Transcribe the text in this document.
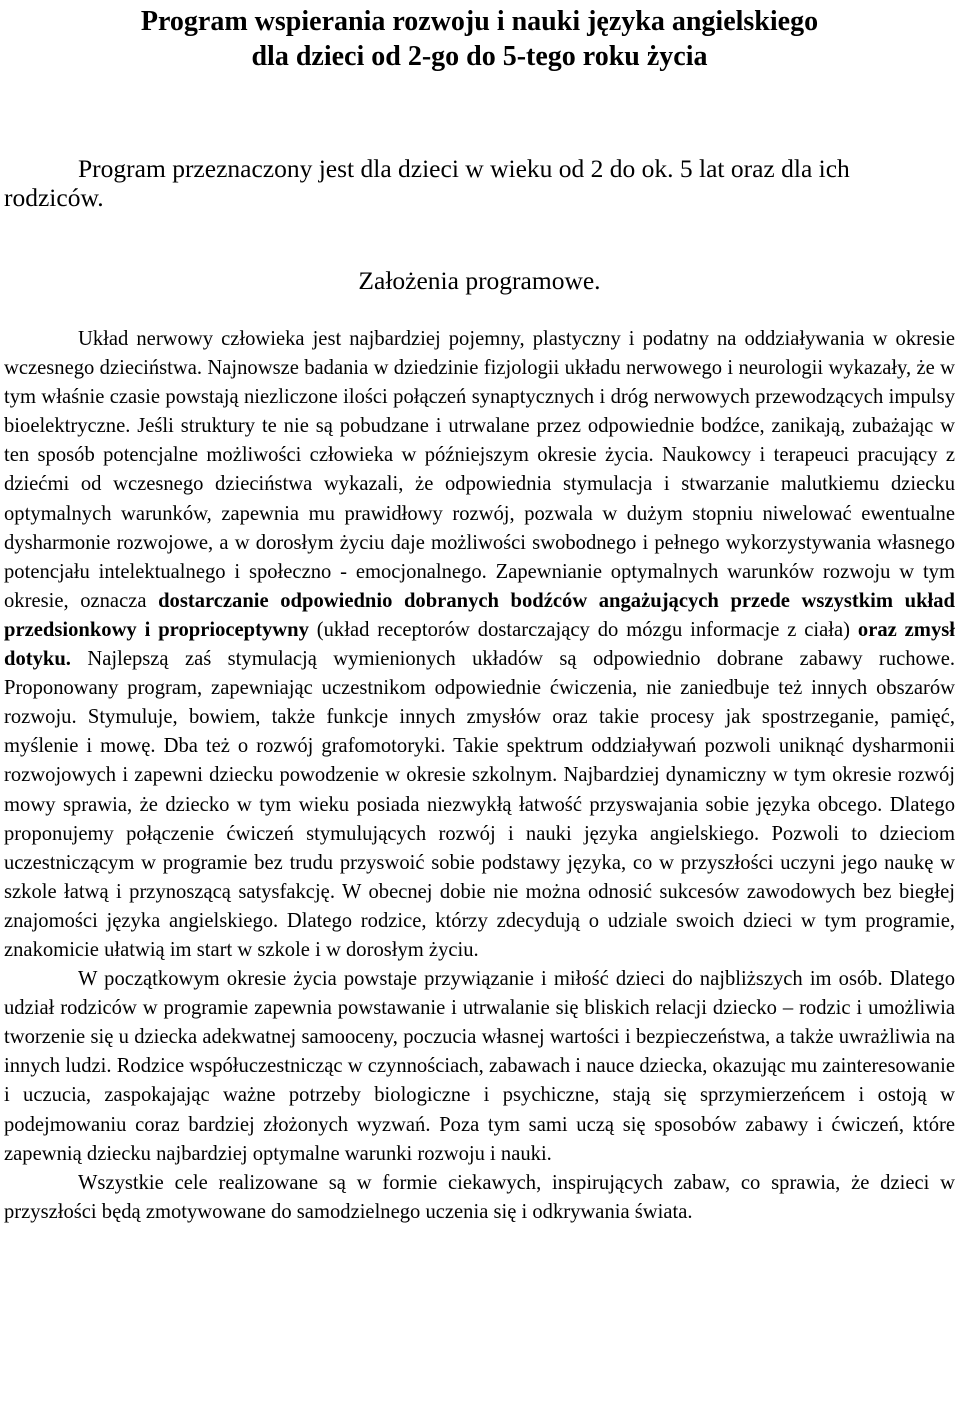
Program wspierania rozwoju i nauki języka angielskiego
dla dzieci od 2-go do 5-tego roku życia

Program przeznaczony jest dla dzieci w wieku od 2 do ok. 5 lat oraz dla ich rodziców.

Założenia programowe.

Układ nerwowy człowieka jest najbardziej pojemny, plastyczny i podatny na oddziaływania w okresie wczesnego dzieciństwa. Najnowsze badania w dziedzinie fizjologii układu nerwowego i neurologii wykazały, że w tym właśnie czasie powstają niezliczone ilości połączeń synaptycznych i dróg nerwowych przewodzących impulsy bioelektryczne. Jeśli struktury te nie są pobudzane i utrwalane przez odpowiednie bodźce, zanikają, zubażając w ten sposób potencjalne możliwości człowieka w późniejszym okresie życia. Naukowcy i terapeuci pracujący z dziećmi od wczesnego dzieciństwa wykazali, że odpowiednia stymulacja i stwarzanie malutkiemu dziecku optymalnych warunków, zapewnia mu prawidłowy rozwój, pozwala w dużym stopniu niwelować ewentualne dysharmonie rozwojowe, a w dorosłym życiu daje możliwości swobodnego i pełnego wykorzystywania własnego potencjału intelektualnego i społeczno - emocjonalnego. Zapewnianie optymalnych warunków rozwoju w tym okresie, oznacza dostarczanie odpowiednio dobranych bodźców angażujących przede wszystkim układ przedsionkowy i proprioceptywny (układ receptorów dostarczający do mózgu informacje z ciała) oraz zmysł dotyku. Najlepszą zaś stymulacją wymienionych układów są odpowiednio dobrane zabawy ruchowe. Proponowany program, zapewniając uczestnikom odpowiednie ćwiczenia, nie zaniedbuje też innych obszarów rozwoju. Stymuluje, bowiem, także funkcje innych zmysłów oraz takie procesy jak spostrzeganie, pamięć, myślenie i mowę. Dba też o rozwój grafomotoryki. Takie spektrum oddziaływań pozwoli uniknąć dysharmonii rozwojowych i zapewni dziecku powodzenie w okresie szkolnym. Najbardziej dynamiczny w tym okresie rozwój mowy sprawia, że dziecko w tym wieku posiada niezwykłą łatwość przyswajania sobie języka obcego. Dlatego proponujemy połączenie ćwiczeń stymulujących rozwój i nauki języka angielskiego. Pozwoli to dzieciom uczestniczącym w programie bez trudu przyswoić sobie podstawy języka, co w przyszłości uczyni jego naukę w szkole łatwą i przynoszącą satysfakcję. W obecnej dobie nie można odnosić sukcesów zawodowych bez biegłej znajomości języka angielskiego. Dlatego rodzice, którzy zdecydują o udziale swoich dzieci w tym programie, znakomicie ułatwią im start w szkole i w dorosłym życiu.

W początkowym okresie życia powstaje przywiązanie i miłość dzieci do najbliższych im osób. Dlatego udział rodziców w programie zapewnia powstawanie i utrwalanie się bliskich relacji dziecko – rodzic i umożliwia tworzenie się u dziecka adekwatnej samooceny, poczucia własnej wartości i bezpieczeństwa, a także uwrażliwia na innych ludzi. Rodzice współuczestnicząc w czynnościach, zabawach i nauce dziecka, okazując mu zainteresowanie i uczucia, zaspokajając ważne potrzeby biologiczne i psychiczne, stają się sprzymierzeńcem i ostoją w podejmowaniu coraz bardziej złożonych wyzwań. Poza tym sami uczą się sposobów zabawy i ćwiczeń, które zapewnią dziecku najbardziej optymalne warunki rozwoju i nauki.

Wszystkie cele realizowane są w formie ciekawych, inspirujących zabaw, co sprawia, że dzieci w przyszłości będą zmotywowane do samodzielnego uczenia się i odkrywania świata.
